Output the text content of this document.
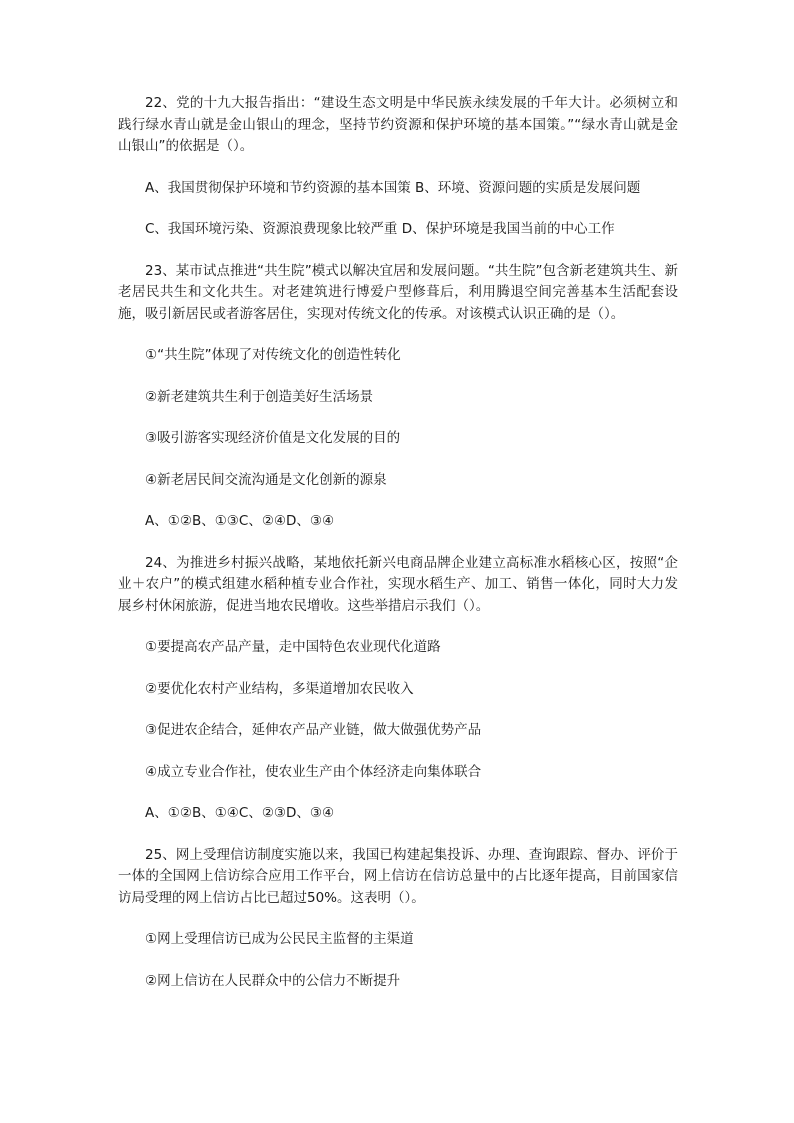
22、党的十九大报告指出：“建设生态文明是中华民族永续发展的千年大计。必须树立和践行绿水青山就是金山银山的理念，坚持节约资源和保护环境的基本国策。”“绿水青山就是金山银山”的依据是（）。

A、我国贯彻保护环境和节约资源的基本国策 B、环境、资源问题的实质是发展问题

C、我国环境污染、资源浪费现象比较严重 D、保护环境是我国当前的中心工作

23、某市试点推进“共生院”模式以解决宜居和发展问题。“共生院”包含新老建筑共生、新老居民共生和文化共生。对老建筑进行博爱户型修葺后，利用腾退空间完善基本生活配套设施，吸引新居民或者游客居住，实现对传统文化的传承。对该模式认识正确的是（）。

①“共生院”体现了对传统文化的创造性转化

②新老建筑共生利于创造美好生活场景

③吸引游客实现经济价值是文化发展的目的

④新老居民间交流沟通是文化创新的源泉

A、①②B、①③C、②④D、③④

24、为推进乡村振兴战略，某地依托新兴电商品牌企业建立高标准水稻核心区，按照“企业＋农户”的模式组建水稻种植专业合作社，实现水稻生产、加工、销售一体化，同时大力发展乡村休闲旅游，促进当地农民增收。这些举措启示我们（）。

①要提高农产品产量，走中国特色农业现代化道路

②要优化农村产业结构，多渠道增加农民收入

③促进农企结合，延伸农产品产业链，做大做强优势产品

④成立专业合作社，使农业生产由个体经济走向集体联合

A、①②B、①④C、②③D、③④

25、网上受理信访制度实施以来，我国已构建起集投诉、办理、查询跟踪、督办、评价于一体的全国网上信访综合应用工作平台，网上信访在信访总量中的占比逐年提高，目前国家信访局受理的网上信访占比已超过50%。这表明（）。

①网上受理信访已成为公民民主监督的主渠道

②网上信访在人民群众中的公信力不断提升
